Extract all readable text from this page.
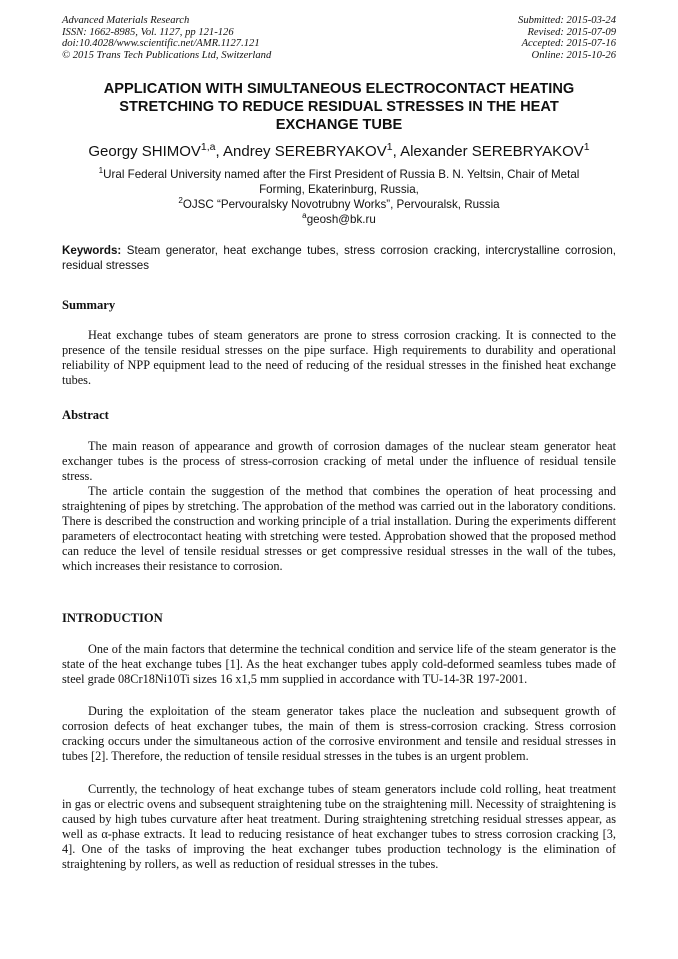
Advanced Materials Research
ISSN: 1662-8985, Vol. 1127, pp 121-126
doi:10.4028/www.scientific.net/AMR.1127.121
© 2015 Trans Tech Publications Ltd, Switzerland
Submitted: 2015-03-24
Revised: 2015-07-09
Accepted: 2015-07-16
Online: 2015-10-26
APPLICATION WITH SIMULTANEOUS ELECTROCONTACT HEATING
STRETCHING TO REDUCE RESIDUAL STRESSES IN THE HEAT
EXCHANGE TUBE
Georgy SHIMOV$^{1,a}$, Andrey SEREBRYAKOV$^1$, Alexander SEREBRYAKOV$^1$
$^1$Ural Federal University named after the First President of Russia B. N. Yeltsin, Chair of Metal
Forming, Ekaterinburg, Russia,
$^2$OJSC “Pervouralsky Novotrubny Works”, Pervouralsk, Russia
$^a$geosh@bk.ru
Keywords: Steam generator, heat exchange tubes, stress corrosion cracking, intercrystalline corrosion, residual stresses
Summary

Heat exchange tubes of steam generators are prone to stress corrosion cracking. It is connected to the presence of the tensile residual stresses on the pipe surface. High requirements to durability and operational reliability of NPP equipment lead to the need of reducing of the residual stresses in the finished heat exchange tubes.

Abstract

The main reason of appearance and growth of corrosion damages of the nuclear steam generator heat exchanger tubes is the process of stress-corrosion cracking of metal under the influence of residual tensile stress.

The article contain the suggestion of the method that combines the operation of heat processing and straightening of pipes by stretching. The approbation of the method was carried out in the laboratory conditions. There is described the construction and working principle of a trial installation. During the experiments different parameters of electrocontact heating with stretching were tested. Approbation showed that the proposed method can reduce the level of tensile residual stresses or get compressive residual stresses in the wall of the tubes, which increases their resistance to corrosion.

INTRODUCTION

One of the main factors that determine the technical condition and service life of the steam generator is the state of the heat exchange tubes [1]. As the heat exchanger tubes apply cold-deformed seamless tubes made of steel grade 08Cr18Ni10Ti sizes 16 x1,5 mm supplied in accordance with TU-14-3R 197-2001.

During the exploitation of the steam generator takes place the nucleation and subsequent growth of corrosion defects of heat exchanger tubes, the main of them is stress-corrosion cracking. Stress corrosion cracking occurs under the simultaneous action of the corrosive environment and tensile and residual stresses in tubes [2]. Therefore, the reduction of tensile residual stresses in the tubes is an urgent problem.

Currently, the technology of heat exchange tubes of steam generators include cold rolling, heat treatment in gas or electric ovens and subsequent straightening tube on the straightening mill. Necessity of straightening is caused by high tubes curvature after heat treatment. During straightening stretching residual stresses appear, as well as α-phase extracts. It lead to reducing resistance of heat exchanger tubes to stress corrosion cracking [3, 4]. One of the tasks of improving the heat exchanger tubes production technology is the elimination of straightening by rollers, as well as reduction of residual stresses in the tubes.
